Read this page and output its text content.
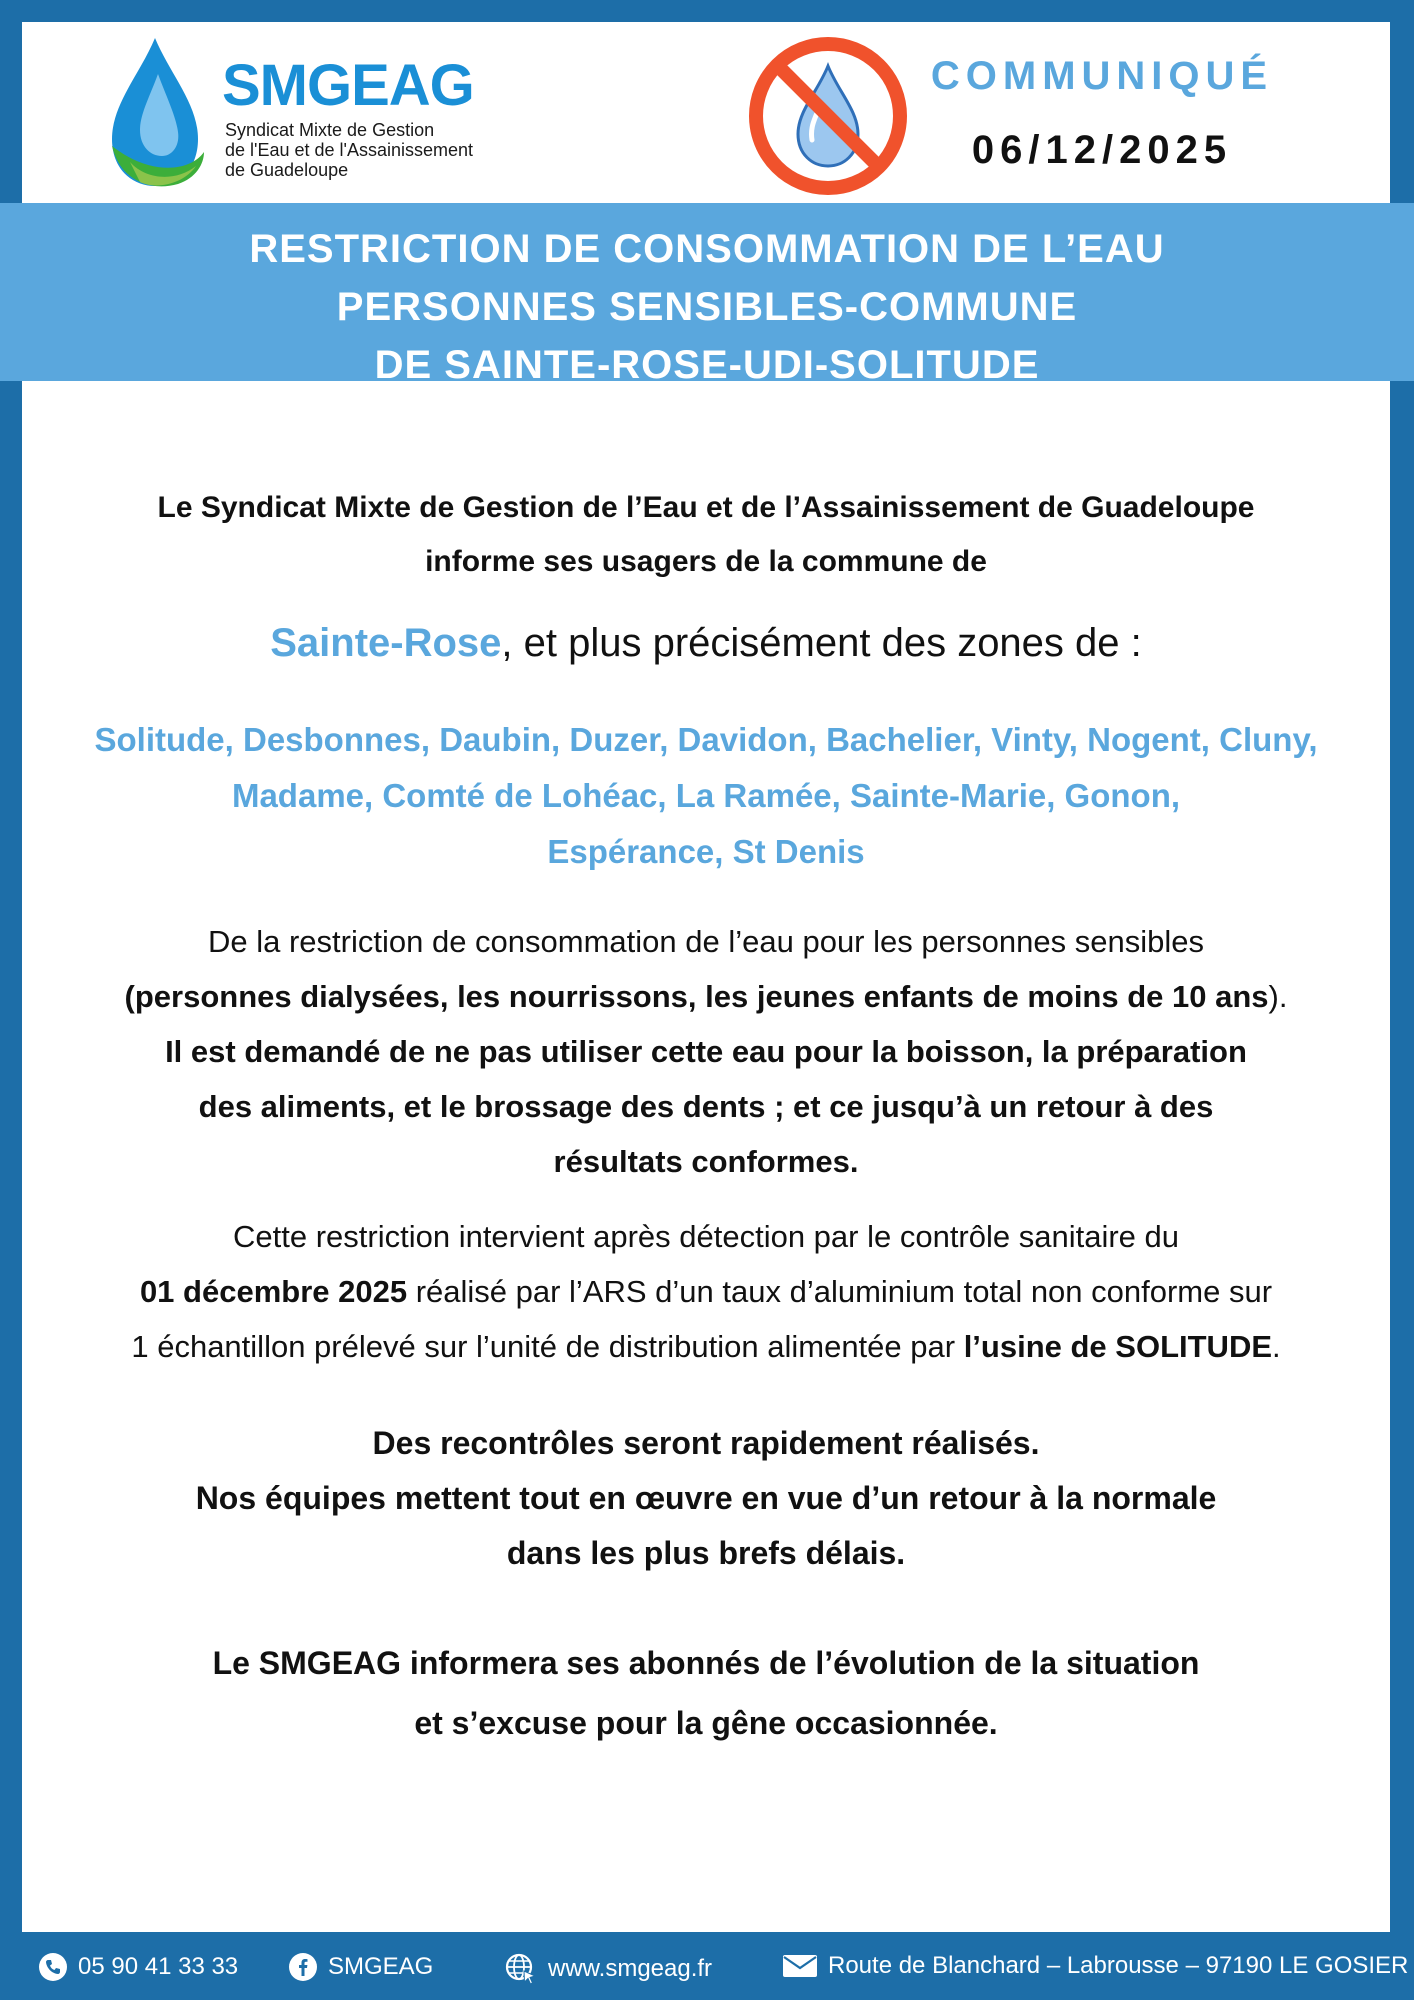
SMGEAG
Syndicat Mixte de Gestion
de l'Eau et de l'Assainissement
de Guadeloupe
COMMUNIQUÉ
06/12/2025
RESTRICTION DE CONSOMMATION DE L’EAU
PERSONNES SENSIBLES-COMMUNE
DE SAINTE-ROSE-UDI-SOLITUDE
Le Syndicat Mixte de Gestion de l’Eau et de l’Assainissement de Guadeloupe
informe ses usagers de la commune de
Sainte-Rose, et plus précisément des zones de :
Solitude, Desbonnes, Daubin, Duzer, Davidon, Bachelier, Vinty, Nogent, Cluny,
Madame, Comté de Lohéac, La Ramée, Sainte-Marie, Gonon,
Espérance, St Denis
De la restriction de consommation de l’eau pour les personnes sensibles
(personnes dialysées, les nourrissons, les jeunes enfants de moins de 10 ans).
Il est demandé de ne pas utiliser cette eau pour la boisson, la préparation
des aliments, et le brossage des dents ; et ce jusqu’à un retour à des
résultats conformes.
Cette restriction intervient après détection par le contrôle sanitaire du
01 décembre 2025 réalisé par l’ARS d’un taux d’aluminium total non conforme sur
1 échantillon prélevé sur l’unité de distribution alimentée par l’usine de SOLITUDE.
Des recontrôles seront rapidement réalisés.
Nos équipes mettent tout en œuvre en vue d’un retour à la normale
dans les plus brefs délais.
Le SMGEAG informera ses abonnés de l’évolution de la situation
et s’excuse pour la gêne occasionnée.
05 90 41 33 33	SMGEAG	www.smgeag.fr	Route de Blanchard – Labrousse – 97190 LE GOSIER
